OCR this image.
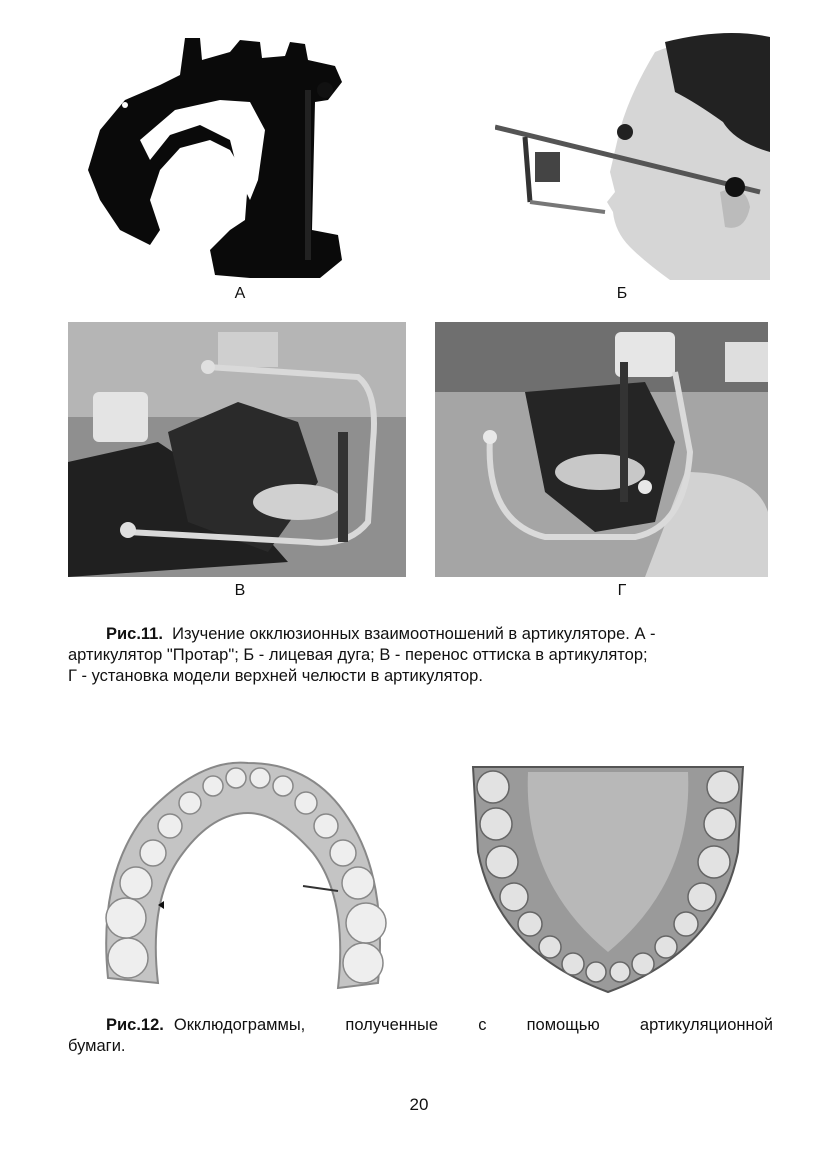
А	Б
В	Г
Рис.11. Изучение окклюзионных взаимоотношений в артикуляторе. А -
артикулятор "Протар"; Б - лицевая дуга; В - перенос оттиска в артикулятор;
Г - установка модели верхней челюсти в артикулятор.
Рис.12. Окклюдограммы, полученные с помощью артикуляционной
бумаги.
20
